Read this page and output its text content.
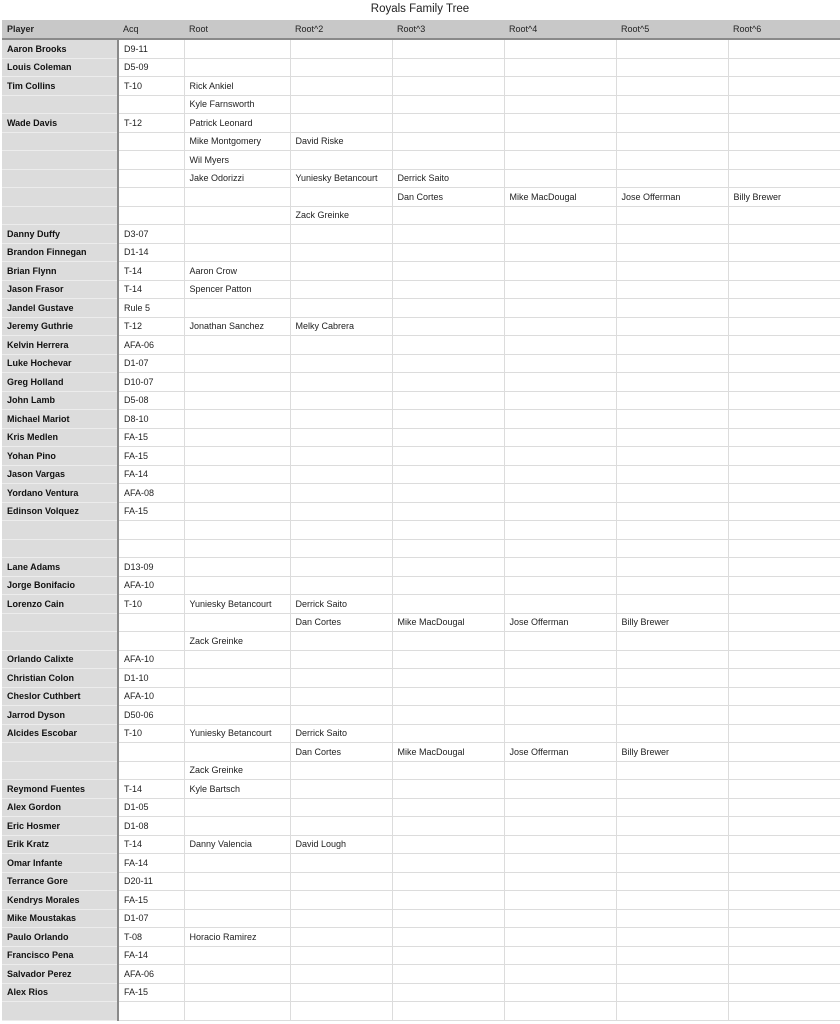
Royals Family Tree
Player	Acq	Root	Root^2	Root^3	Root^4	Root^5	Root^6
Aaron Brooks	D9-11						
Louis Coleman	D5-09						
Tim Collins	T-10	Rick Ankiel					
		Kyle Farnsworth					
Wade Davis	T-12	Patrick Leonard					
		Mike Montgomery	David Riske				
		Wil Myers					
		Jake Odorizzi	Yuniesky Betancourt	Derrick Saito			
				Dan Cortes	Mike MacDougal	Jose Offerman	Billy Brewer
			Zack Greinke				
Danny Duffy	D3-07						
Brandon Finnegan	D1-14						
Brian Flynn	T-14	Aaron Crow					
Jason Frasor	T-14	Spencer Patton					
Jandel Gustave	Rule 5						
Jeremy Guthrie	T-12	Jonathan Sanchez	Melky Cabrera				
Kelvin Herrera	AFA-06						
Luke Hochevar	D1-07						
Greg Holland	D10-07						
John Lamb	D5-08						
Michael Mariot	D8-10						
Kris Medlen	FA-15						
Yohan Pino	FA-15						
Jason Vargas	FA-14						
Yordano Ventura	AFA-08						
Edinson Volquez	FA-15						

Lane Adams	D13-09						
Jorge Bonifacio	AFA-10						
Lorenzo Cain	T-10	Yuniesky Betancourt	Derrick Saito				
			Dan Cortes	Mike MacDougal	Jose Offerman	Billy Brewer	
		Zack Greinke					
Orlando Calixte	AFA-10						
Christian Colon	D1-10						
Cheslor Cuthbert	AFA-10						
Jarrod Dyson	D50-06						
Alcides Escobar	T-10	Yuniesky Betancourt	Derrick Saito				
			Dan Cortes	Mike MacDougal	Jose Offerman	Billy Brewer	
		Zack Greinke					
Reymond Fuentes	T-14	Kyle Bartsch					
Alex Gordon	D1-05						
Eric Hosmer	D1-08						
Erik Kratz	T-14	Danny Valencia	David Lough				
Omar Infante	FA-14						
Terrance Gore	D20-11						
Kendrys Morales	FA-15						
Mike Moustakas	D1-07						
Paulo Orlando	T-08	Horacio Ramirez					
Francisco Pena	FA-14						
Salvador Perez	AFA-06						
Alex Rios	FA-15						
